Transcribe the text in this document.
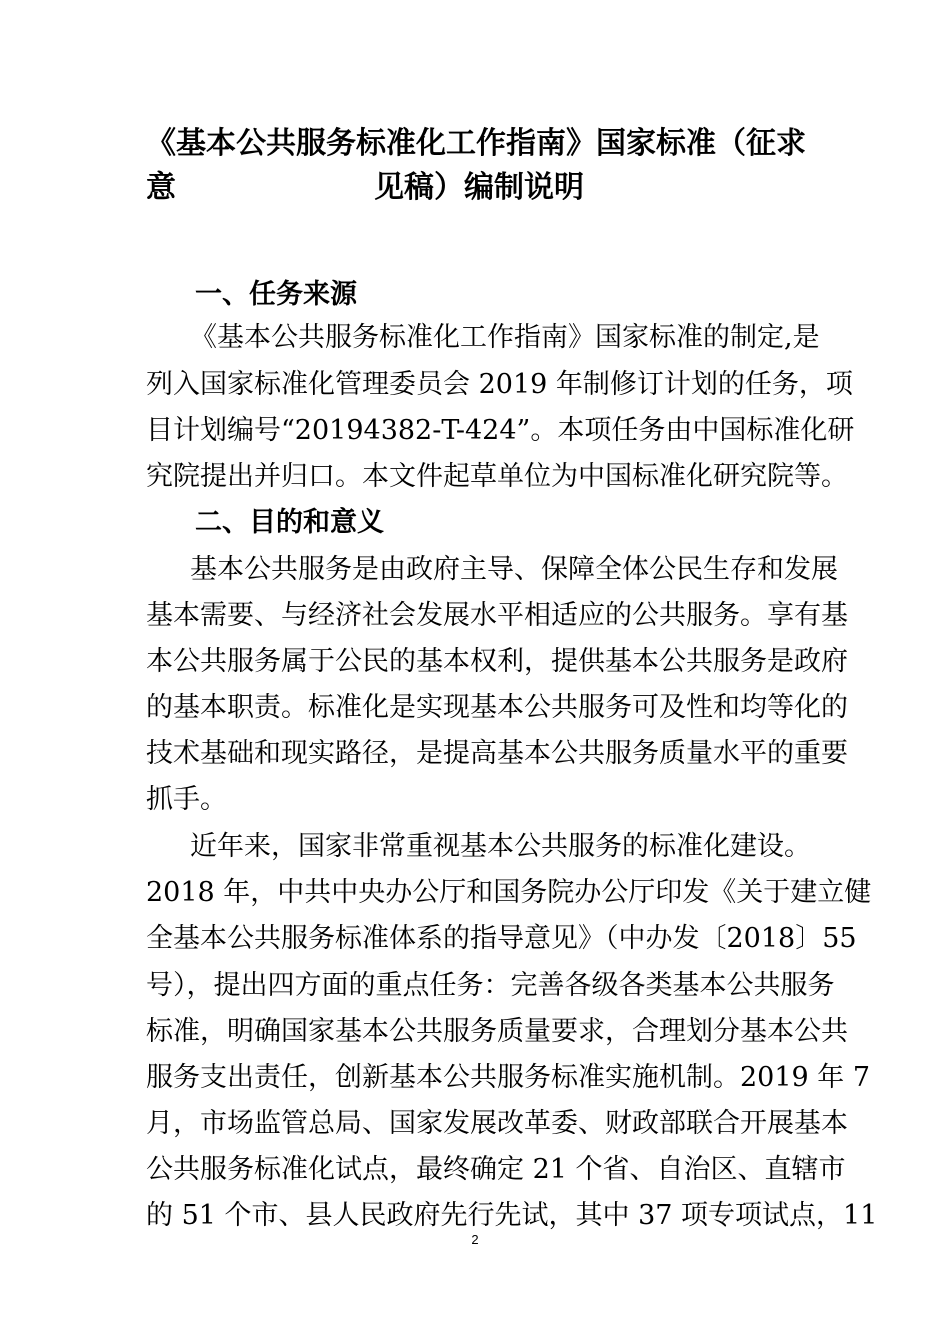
《基本公共服务标准化工作指南》国家标准（征求意	见稿）编制说明
一、任务来源
《基本公共服务标准化工作指南》国家标准的制定,是
列入国家标准化管理委员会 2019 年制修订计划的任务，项
目计划编号“20194382-T-424”。本项任务由中国标准化研
究院提出并归口。本文件起草单位为中国标准化研究院等。
二、目的和意义
基本公共服务是由政府主导、保障全体公民生存和发展
基本需要、与经济社会发展水平相适应的公共服务。享有基
本公共服务属于公民的基本权利，提供基本公共服务是政府
的基本职责。标准化是实现基本公共服务可及性和均等化的
技术基础和现实路径，是提高基本公共服务质量水平的重要
抓手。
近年来，国家非常重视基本公共服务的标准化建设。
2018 年，中共中央办公厅和国务院办公厅印发《关于建立健
全基本公共服务标准体系的指导意见》（中办发〔2018〕55
号），提出四方面的重点任务：完善各级各类基本公共服务
标准，明确国家基本公共服务质量要求，合理划分基本公共
服务支出责任，创新基本公共服务标准实施机制。2019 年 7
月，市场监管总局、国家发展改革委、财政部联合开展基本
公共服务标准化试点，最终确定 21 个省、自治区、直辖市
的 51 个市、县人民政府先行先试，其中 37 项专项试点，11
2
